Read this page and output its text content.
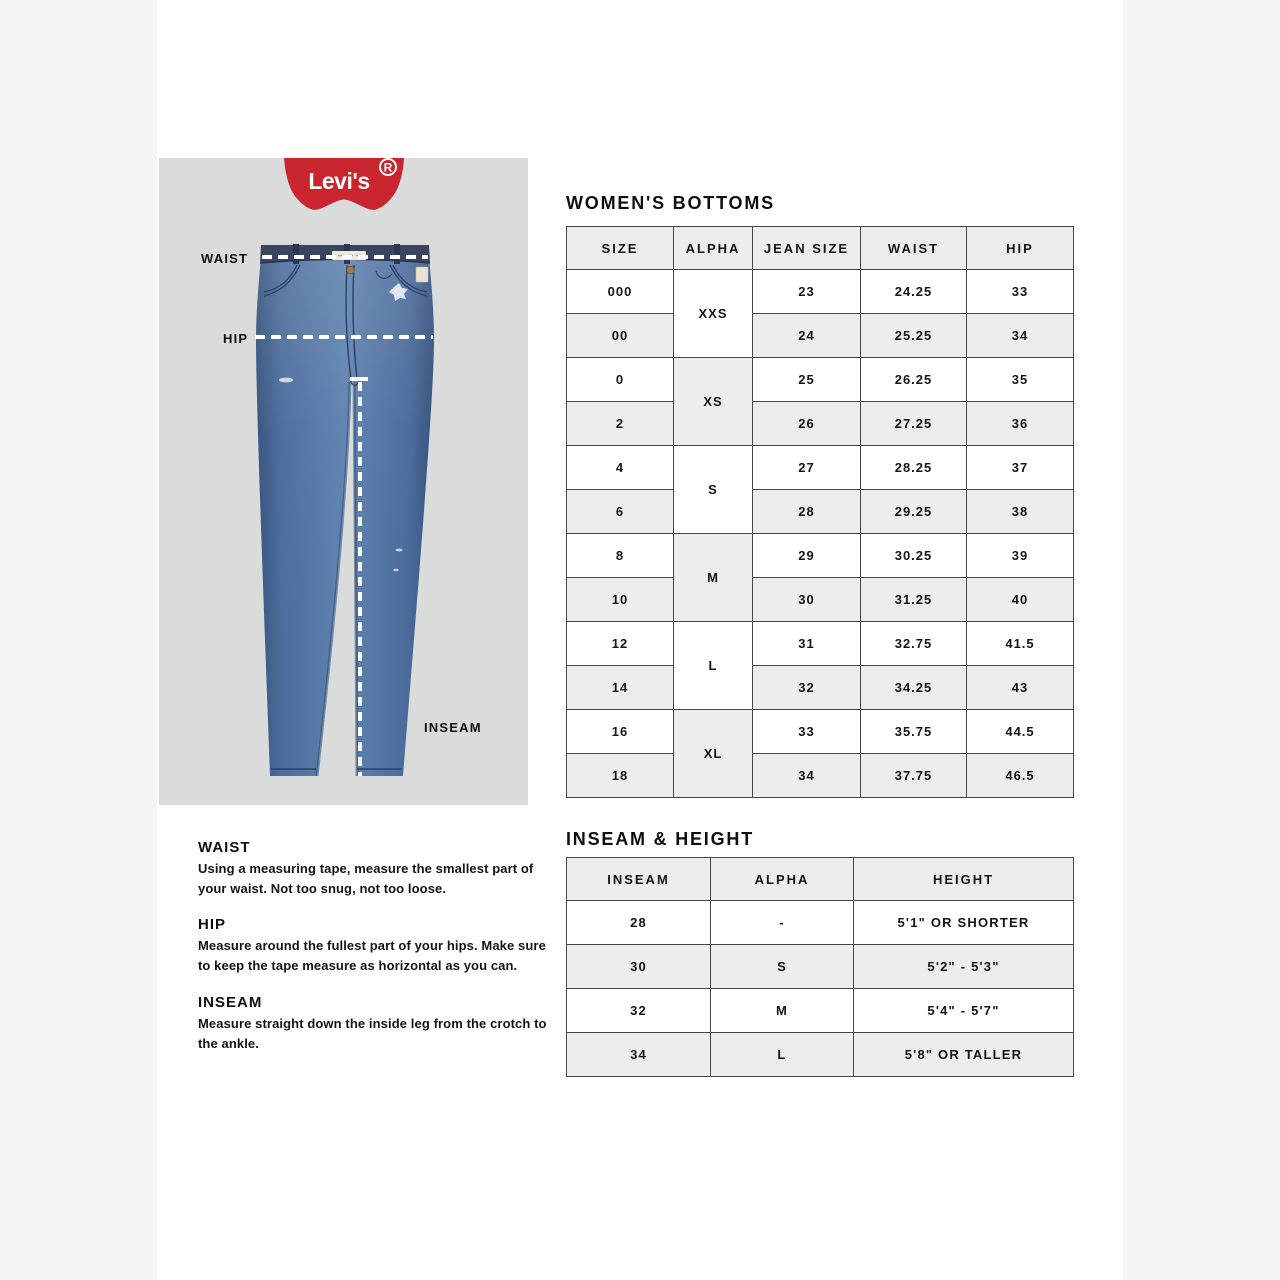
Levi's
R
WAIST
HIP
INSEAM
WOMEN'S BOTTOMS
SIZE	ALPHA	JEAN SIZE	WAIST	HIP
000	XXS	23	24.25	33
00		24	25.25	34
0	XS	25	26.25	35
2		26	27.25	36
4	S	27	28.25	37
6		28	29.25	38
8	M	29	30.25	39
10		30	31.25	40
12	L	31	32.75	41.5
14		32	34.25	43
16	XL	33	35.75	44.5
18		34	37.75	46.5
INSEAM & HEIGHT
INSEAM	ALPHA	HEIGHT
28	-	5'1" OR SHORTER
30	S	5'2" - 5'3"
32	M	5'4" - 5'7"
34	L	5'8" OR TALLER
WAIST

Using a measuring tape, measure the smallest part of your waist. Not too snug, not too loose.

HIP

Measure around the fullest part of your hips. Make sure to keep the tape measure as horizontal as you can.

INSEAM

Measure straight down the inside leg from the crotch to the ankle.
